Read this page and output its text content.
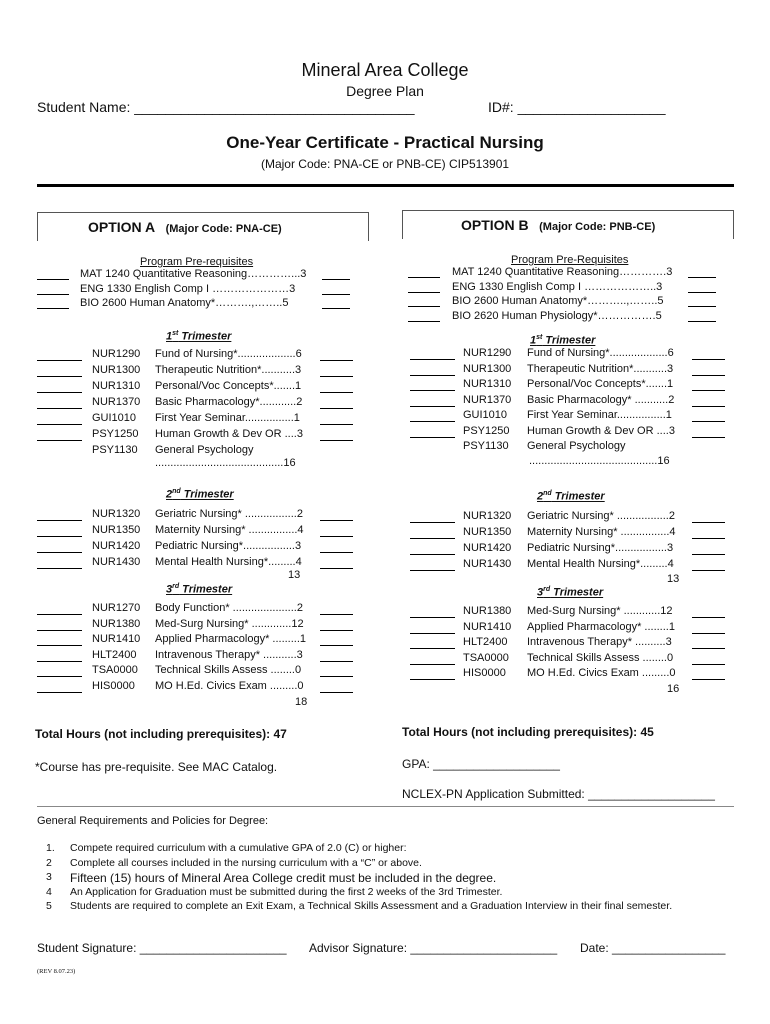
Mineral Area College
Degree Plan
Student Name: ____________________________________	ID#: ___________________
One-Year Certificate - Practical Nursing
(Major Code: PNA-CE or PNB-CE) CIP513901
OPTION A (Major Code: PNA-CE)	OPTION B (Major Code: PNB-CE)
Program Pre-requisites	Program Pre-Requisites
1st Trimester
..........................................16
2nd Trimester
13
3rd Trimester
18
1st Trimester
..........................................16
2nd Trimester
13
3rd Trimester
16
Total Hours (not including prerequisites): 47	Total Hours (not including prerequisites): 45
*Course has pre-requisite. See MAC Catalog.	GPA: ___________________
NCLEX-PN Application Submitted: ___________________
General Requirements and Policies for Degree:
Student Signature: ______________________ Advisor Signature: ______________________ Date: _________________
(REV 8.07.23)
MAT 1240 Quantitative Reasoning…………...3
ENG 1330 English Comp I …………………3
BIO 2600 Human Anatomy*……….,……..5
MAT 1240 Quantitative Reasoning………….3
ENG 1330 English Comp I ………………..3
BIO 2600 Human Anatomy*………..,……..5
BIO 2620 Human Physiology*…………….5
NUR1290 Fund of Nursing*...................6
NUR1300 Therapeutic Nutrition*...........3
NUR1310 Personal/Voc Concepts*.......1
NUR1370 Basic Pharmacology*............2
GUI1010 First Year Seminar................1
PSY1250 Human Growth & Dev OR ....3
PSY1130 General Psychology
NUR1320 Geriatric Nursing* .................2
NUR1350 Maternity Nursing* ................4
NUR1420 Pediatric Nursing*.................3
NUR1430 Mental Health Nursing*.........4
NUR1270 Body Function* .....................2
NUR1380 Med-Surg Nursing* .............12
NUR1410 Applied Pharmacology* .........1
HLT2400 Intravenous Therapy* ...........3
TSA0000 Technical Skills Assess ........0
HIS0000 MO H.Ed. Civics Exam .........0
NUR1290 Fund of Nursing*...................6
NUR1300 Therapeutic Nutrition*...........3
NUR1310 Personal/Voc Concepts*.......1
NUR1370 Basic Pharmacology* ...........2
GUI1010 First Year Seminar................1
PSY1250 Human Growth & Dev OR ....3
PSY1130 General Psychology
NUR1320 Geriatric Nursing* .................2
NUR1350 Maternity Nursing* ................4
NUR1420 Pediatric Nursing*.................3
NUR1430 Mental Health Nursing*.........4
NUR1380 Med-Surg Nursing* ............12
NUR1410 Applied Pharmacology* ........1
HLT2400 Intravenous Therapy* ..........3
TSA0000 Technical Skills Assess ........0
HIS0000 MO H.Ed. Civics Exam .........0
1. Compete required curriculum with a cumulative GPA of 2.0 (C) or higher:
2 Complete all courses included in the nursing curriculum with a “C” or above.
3 Fifteen (15) hours of Mineral Area College credit must be included in the degree.
4 An Application for Graduation must be submitted during the first 2 weeks of the 3rd Trimester.
5 Students are required to complete an Exit Exam, a Technical Skills Assessment and a Graduation Interview in their final semester.
